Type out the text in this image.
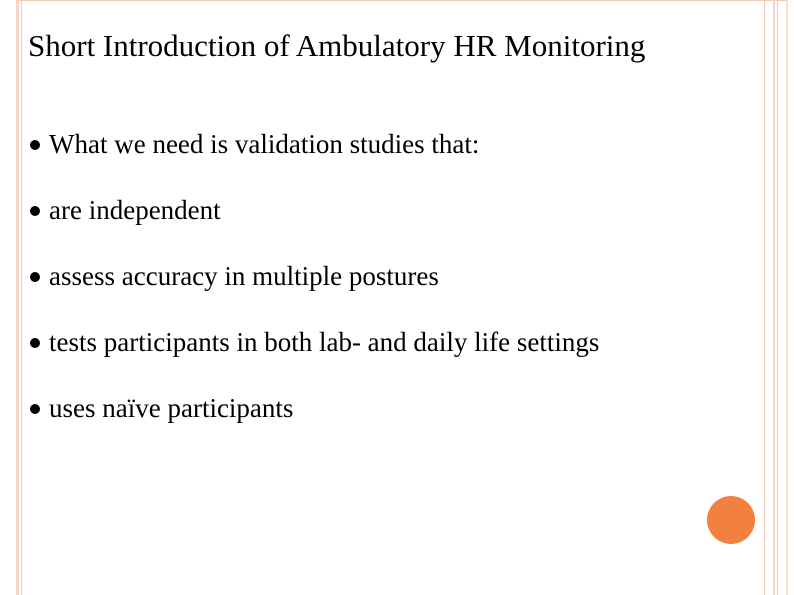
Short Introduction of Ambulatory HR Monitoring
What we need is validation studies that:
are independent
assess accuracy in multiple postures
tests participants in both lab- and daily life settings
uses naïve participants
